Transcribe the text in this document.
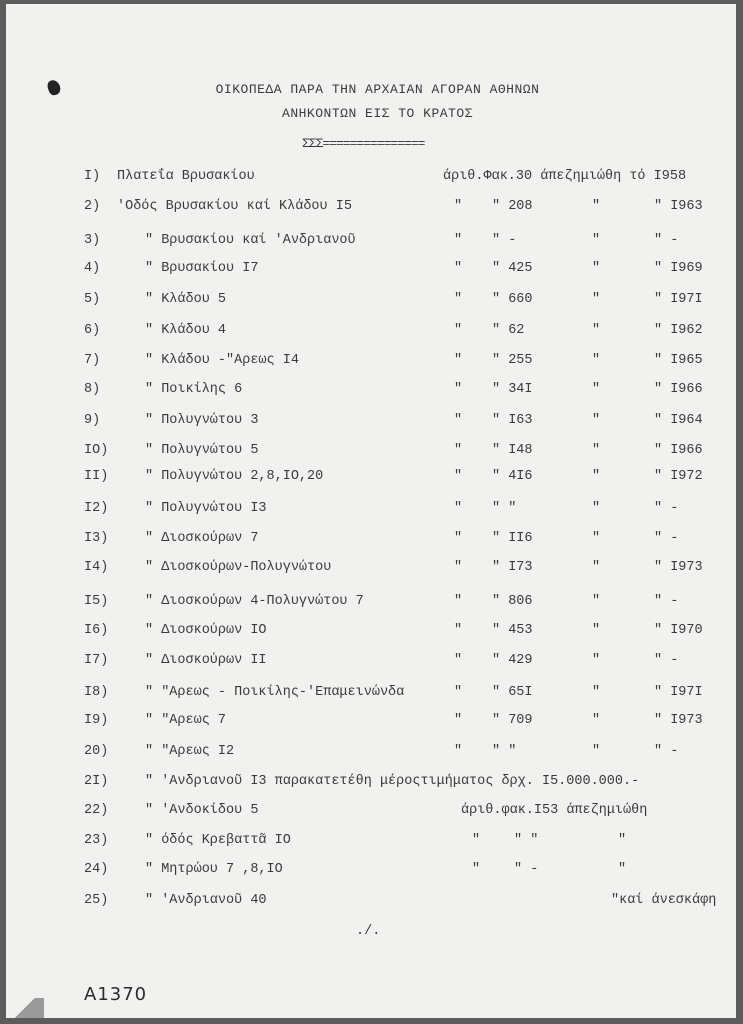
ΟΙΚΟΠΕΔΑ ΠΑΡΑ ΤΗΝ ΑΡΧΑΙΑΝ ΑΓΟΡΑΝ ΑΘΗΝΩΝ
ΑΝΗΚΟΝΤΩΝ ΕΙΣ ΤΟ ΚΡΑΤΟΣ
ΣΣΣ===============
I) Πλατεΐα Βρυσακίου	άριθ.Φακ.30 άπεζημιώθη τό I958
2) 'Οδός Βρυσακίου καί Κλάδου I5	" " 208	"	" I963
3)	" Βρυσακίου καί 'Ανδριανοῦ	" " -	"	" -
4)	" Βρυσακίου I7	" " 425	"	" I969
5)	" Κλάδου 5	" " 660	"	" I97I
6)	" Κλάδου 4	" " 62	"	" I962
7)	" Κλάδου -"Αρεως I4	" " 255	"	" I965
8)	" Ποικίλης 6	" " 34I	"	" I966
9)	" Πολυγνώτου 3	" " I63	"	" I964
IO)	" Πολυγνώτου 5	" " I48	"	" I966
II)	" Πολυγνώτου 2,8,IO,20	" " 4I6	"	" I972
I2)	" Πολυγνώτου I3	" " "	"	" -
I3)	" Διοσκούρων 7	" " II6	"	" -
I4)	" Διοσκούρων-Πολυγνώτου	" " I73	"	" I973
I5)	" Διοσκούρων 4-Πολυγνώτου 7	" " 806	"	" -
I6)	" Διοσκούρων IO	" " 453	"	" I970
I7)	" Διοσκούρων II	" " 429	"	" -
I8)	" "Αρεως - Ποικίλης-'Επαμεινώνδα	" " 65I	"	" I97I
I9)	" "Αρεως 7	" " 709	"	" I973
20)	" "Αρεως I2	" " "	"	" -
2I)	" 'Ανδριανοῦ I3 παρακατετέθη μέροςτιμήματος δρχ. I5.000.000.-
22)	" 'Ανδοκίδου 5	άριθ.φακ.I53 άπεζημιώθη
23)	" όδός Κρεβαττᾶ IO	"	" "	"
24)	" Μητρώου 7 ,8,IO	"	" -	"
25)	" 'Ανδριανοῦ 40	"καί άνεσκάφη
./.
A1370
